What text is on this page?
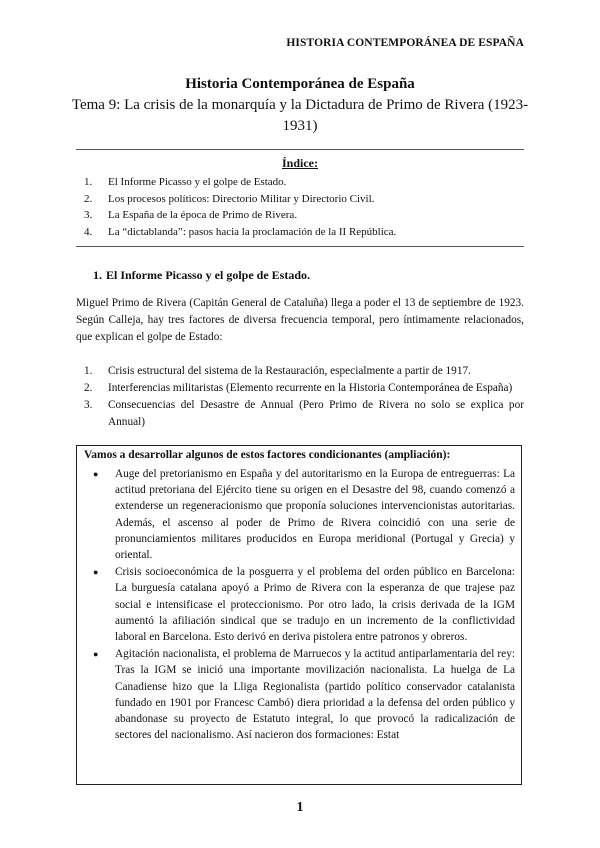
HISTORIA CONTEMPORÁNEA DE ESPAÑA
Historia Contemporánea de España
Tema 9: La crisis de la monarquía y la Dictadura de Primo de Rivera (1923-1931)
Índice:
1. El Informe Picasso y el golpe de Estado.
2. Los procesos políticos: Directorio Militar y Directorio Civil.
3. La España de la época de Primo de Rivera.
4. La “dictablanda”: pasos hacia la proclamación de la II República.
1. El Informe Picasso y el golpe de Estado.

Miguel Primo de Rivera (Capitán General de Cataluña) llega a poder el 13 de septiembre de 1923. Según Calleja, hay tres factores de diversa frecuencia temporal, pero íntimamente relacionados, que explican el golpe de Estado:

1. Crisis estructural del sistema de la Restauración, especialmente a partir de 1917.
2. Interferencias militaristas (Elemento recurrente en la Historia Contemporánea de España)
3. Consecuencias del Desastre de Annual (Pero Primo de Rivera no solo se explica por Annual)
Vamos a desarrollar algunos de estos factores condicionantes (ampliación):
● Auge del pretorianismo en España y del autoritarismo en la Europa de entreguerras: La actitud pretoriana del Ejército tiene su origen en el Desastre del 98, cuando comenzó a extenderse un regeneracionismo que proponía soluciones intervencionistas autoritarias. Además, el ascenso al poder de Primo de Rivera coincidió con una serie de pronunciamientos militares producidos en Europa meridional (Portugal y Grecia) y oriental.
● Crisis socioeconómica de la posguerra y el problema del orden público en Barcelona: La burguesía catalana apoyó a Primo de Rivera con la esperanza de que trajese paz social e intensificase el proteccionismo. Por otro lado, la crisis derivada de la IGM aumentó la afiliación sindical que se tradujo en un incremento de la conflictividad laboral en Barcelona. Esto derivó en deriva pistolera entre patronos y obreros.
● Agitación nacionalista, el problema de Marruecos y la actitud antiparlamentaria del rey: Tras la IGM se inició una importante movilización nacionalista. La huelga de La Canadiense hizo que la Lliga Regionalista (partido político conservador catalanista fundado en 1901 por Francesc Cambó) diera prioridad a la defensa del orden público y abandonase su proyecto de Estatuto integral, lo que provocó la radicalización de sectores del nacionalismo. Así nacieron dos formaciones: Estat
1
